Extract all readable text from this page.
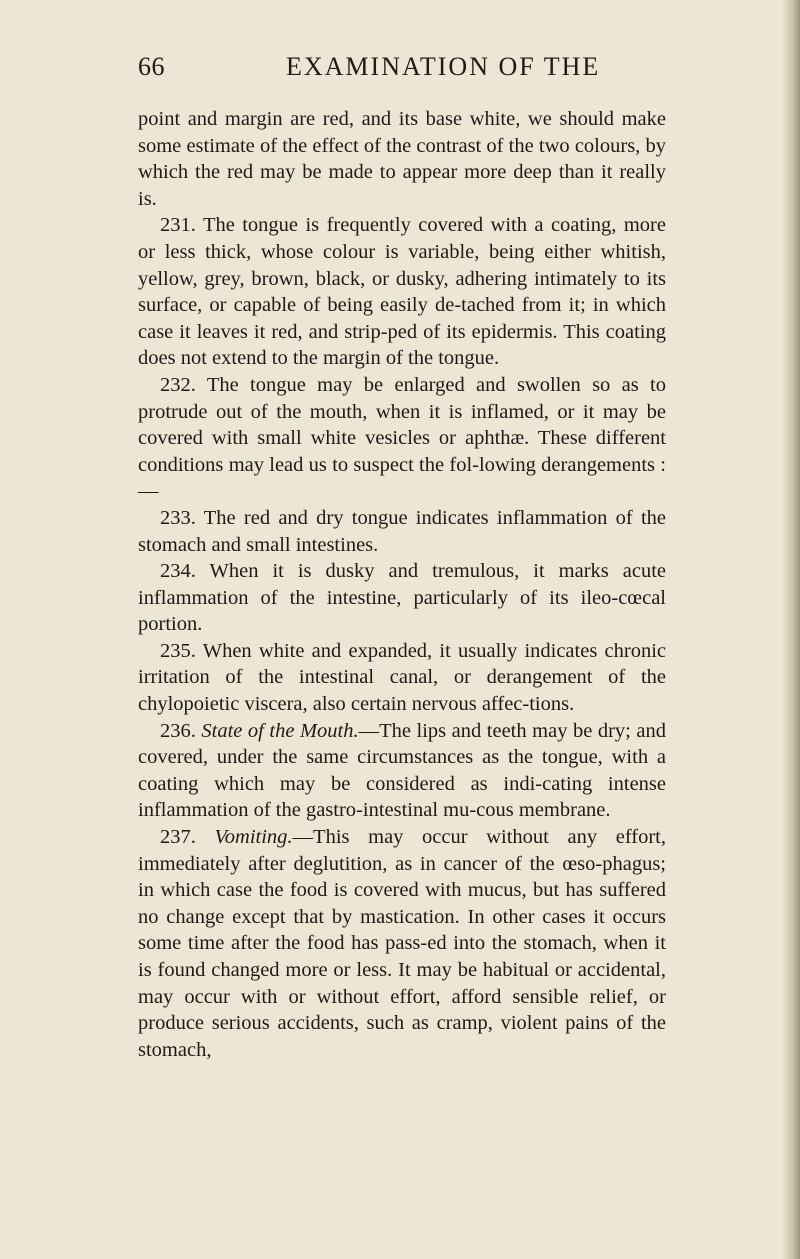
66	EXAMINATION OF THE

point and margin are red, and its base white, we should make some estimate of the effect of the contrast of the two colours, by which the red may be made to appear more deep than it really is.

231. The tongue is frequently covered with a coating, more or less thick, whose colour is variable, being either whitish, yellow, grey, brown, black, or dusky, adhering intimately to its surface, or capable of being easily de-tached from it; in which case it leaves it red, and strip-ped of its epidermis. This coating does not extend to the margin of the tongue.

232. The tongue may be enlarged and swollen so as to protrude out of the mouth, when it is inflamed, or it may be covered with small white vesicles or aphthæ. These different conditions may lead us to suspect the fol-lowing derangements :—

233. The red and dry tongue indicates inflammation of the stomach and small intestines.

234. When it is dusky and tremulous, it marks acute inflammation of the intestine, particularly of its ileo-cœcal portion.

235. When white and expanded, it usually indicates chronic irritation of the intestinal canal, or derangement of the chylopoietic viscera, also certain nervous affec-tions.

236. State of the Mouth.—The lips and teeth may be dry; and covered, under the same circumstances as the tongue, with a coating which may be considered as indi-cating intense inflammation of the gastro-intestinal mu-cous membrane.

237. Vomiting.—This may occur without any effort, immediately after deglutition, as in cancer of the œso-phagus; in which case the food is covered with mucus, but has suffered no change except that by mastication. In other cases it occurs some time after the food has pass-ed into the stomach, when it is found changed more or less. It may be habitual or accidental, may occur with or without effort, afford sensible relief, or produce serious accidents, such as cramp, violent pains of the stomach,
